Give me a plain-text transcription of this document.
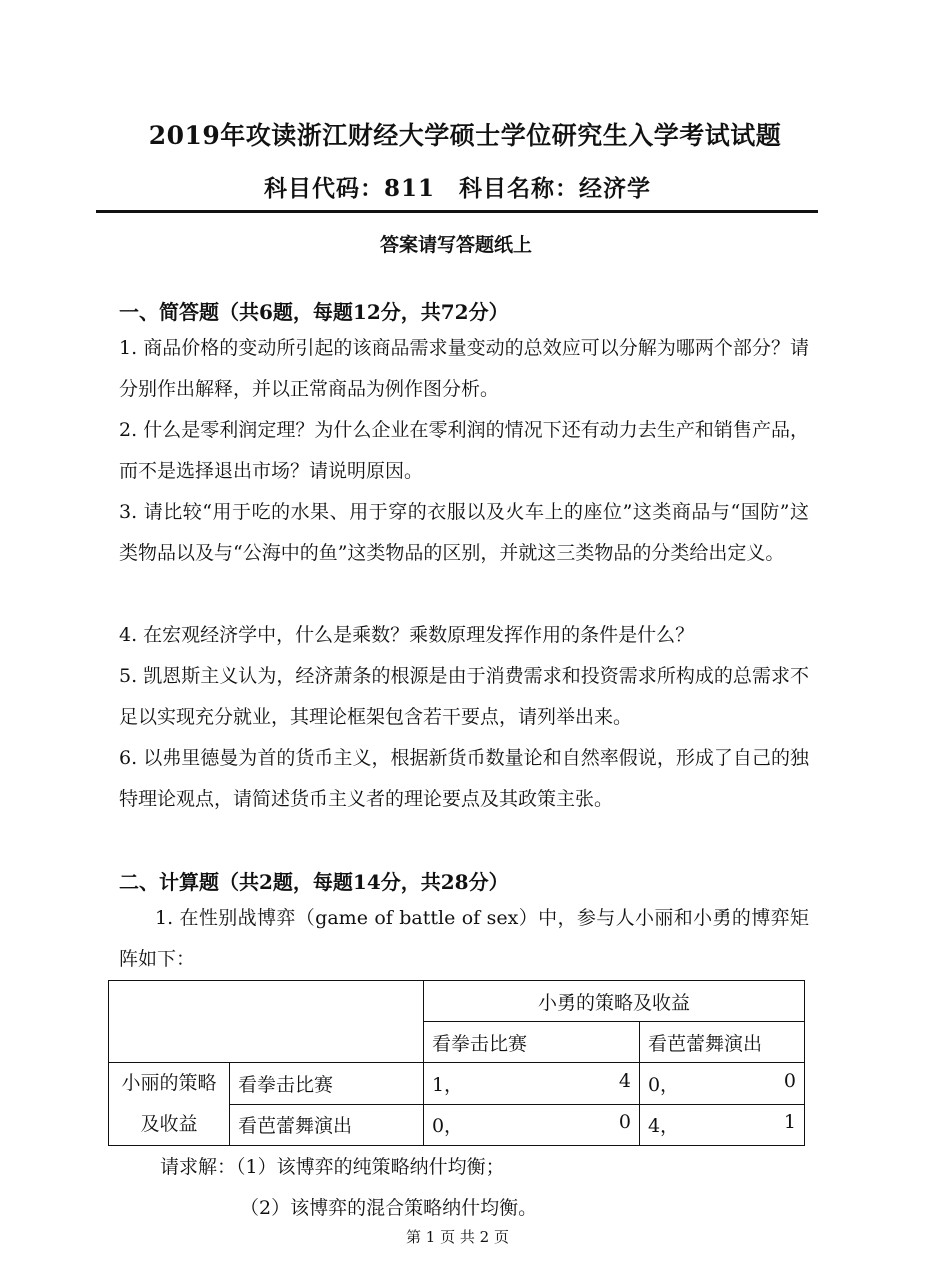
2019年攻读浙江财经大学硕士学位研究生入学考试试题
科目代码：811　科目名称：经济学
答案请写答题纸上
一、简答题（共6题，每题12分，共72分）
1. 商品价格的变动所引起的该商品需求量变动的总效应可以分解为哪两个部分？请分别作出解释，并以正常商品为例作图分析。
2. 什么是零利润定理？为什么企业在零利润的情况下还有动力去生产和销售产品，而不是选择退出市场？请说明原因。
3. 请比较“用于吃的水果、用于穿的衣服以及火车上的座位”这类商品与“国防”这类物品以及与“公海中的鱼”这类物品的区别，并就这三类物品的分类给出定义。
4. 在宏观经济学中，什么是乘数？乘数原理发挥作用的条件是什么？
5. 凯恩斯主义认为，经济萧条的根源是由于消费需求和投资需求所构成的总需求不足以实现充分就业，其理论框架包含若干要点，请列举出来。
6. 以弗里德曼为首的货币主义，根据新货币数量论和自然率假说，形成了自己的独特理论观点，请简述货币主义者的理论要点及其政策主张。
二、计算题（共2题，每题14分，共28分）
1. 在性别战博弈（game of battle of sex）中，参与人小丽和小勇的博弈矩阵如下：
		小勇的策略及收益	
		看拳击比赛	看芭蕾舞演出
小丽的策略及收益	看拳击比赛	1， 4	0， 0

	看芭蕾舞演出	0， 0	4， 1
请求解：（1）该博弈的纯策略纳什均衡；
（2）该博弈的混合策略纳什均衡。
第 1 页 共 2 页
